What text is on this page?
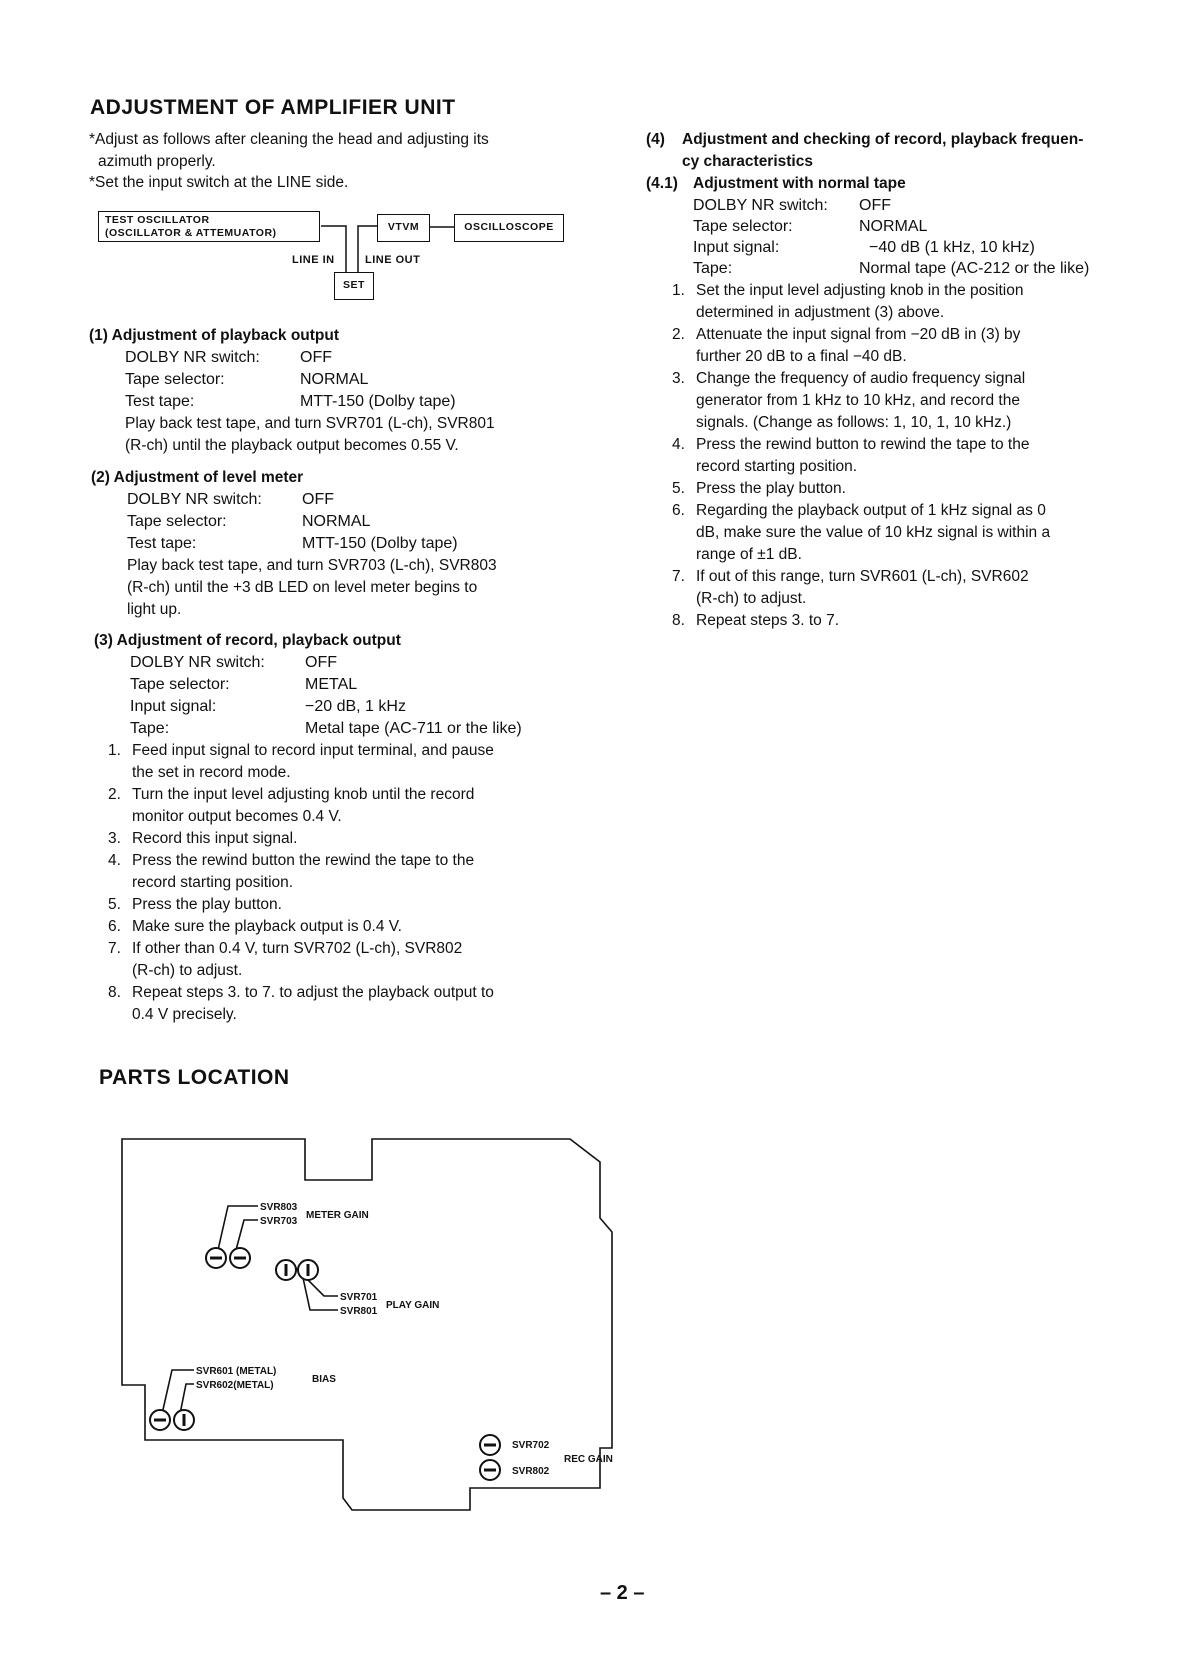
ADJUSTMENT OF AMPLIFIER UNIT
*Adjust as follows after cleaning the head and adjusting its
azimuth properly.
*Set the input switch at the LINE side.
TEST OSCILLATOR
(OSCILLATOR & ATTEMUATOR)	VTVM	OSCILLOSCOPE
SET
LINE IN	LINE OUT
(1) Adjustment of playback output
DOLBY NR switch:	OFF
Tape selector:	NORMAL
Test tape:	MTT-150 (Dolby tape)
Play back test tape, and turn SVR701 (L-ch), SVR801
(R-ch) until the playback output becomes 0.55 V.
(2) Adjustment of level meter
DOLBY NR switch:	OFF
Tape selector:	NORMAL
Test tape:	MTT-150 (Dolby tape)
Play back test tape, and turn SVR703 (L-ch), SVR803
(R-ch) until the +3 dB LED on level meter begins to
light up.
(3) Adjustment of record, playback output
DOLBY NR switch:	OFF
Tape selector:	METAL
Input signal:	−20 dB, 1 kHz
Tape:	Metal tape (AC-711 or the like)
1. Feed input signal to record input terminal, and pause
the set in record mode.
2. Turn the input level adjusting knob until the record
monitor output becomes 0.4 V.
3. Record this input signal.
4. Press the rewind button the rewind the tape to the
record starting position.
5. Press the play button.
6. Make sure the playback output is 0.4 V.
7. If other than 0.4 V, turn SVR702 (L-ch), SVR802
(R-ch) to adjust.
8. Repeat steps 3. to 7. to adjust the playback output to
0.4 V precisely.
(4) Adjustment and checking of record, playback frequen-
cy characteristics
(4.1) Adjustment with normal tape
DOLBY NR switch: OFF
Tape selector:	NORMAL
Input signal:	−40 dB (1 kHz, 10 kHz)
Tape:	Normal tape (AC-212 or the like)
1. Set the input level adjusting knob in the position
determined in adjustment (3) above.
2. Attenuate the input signal from −20 dB in (3) by
further 20 dB to a final −40 dB.
3. Change the frequency of audio frequency signal
generator from 1 kHz to 10 kHz, and record the
signals. (Change as follows: 1, 10, 1, 10 kHz.)
4. Press the rewind button to rewind the tape to the
record starting position.
5. Press the play button.
6. Regarding the playback output of 1 kHz signal as 0
dB, make sure the value of 10 kHz signal is within a
range of ±1 dB.
7. If out of this range, turn SVR601 (L-ch), SVR602
(R-ch) to adjust.
8. Repeat steps 3. to 7.
PARTS LOCATION
SVR803
SVR703
METER GAIN
SVR701
SVR801
PLAY GAIN
SVR601 (METAL)
SVR602(METAL)
BIAS
SVR702
SVR802
REC GAIN
– 2 –
